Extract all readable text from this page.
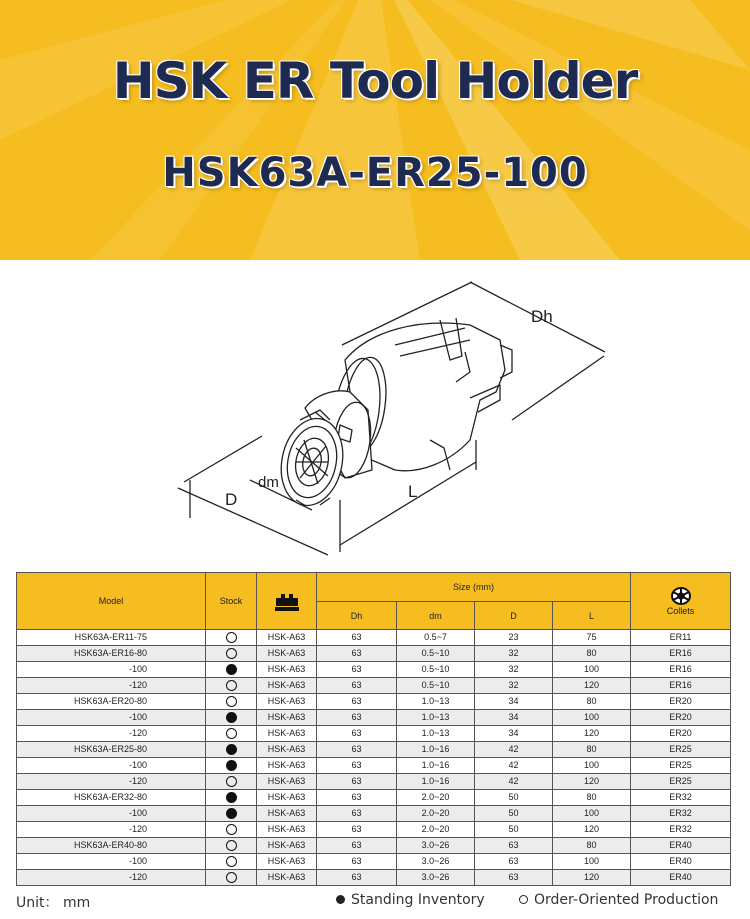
HSK ER Tool Holder
HSK63A-ER25-100
Dh
dm
D	L
Model	Stock		Size (mm)				Collets
			Dh	dm	D	L	
HSK63A-ER11-75		HSK-A63	63	0.5~7	23	75	ER11
HSK63A-ER16-80		HSK-A63	63	0.5~10	32	80	ER16
-100		HSK-A63	63	0.5~10	32	100	ER16
-120		HSK-A63	63	0.5~10	32	120	ER16
HSK63A-ER20-80		HSK-A63	63	1.0~13	34	80	ER20
-100		HSK-A63	63	1.0~13	34	100	ER20
-120		HSK-A63	63	1.0~13	34	120	ER20
HSK63A-ER25-80		HSK-A63	63	1.0~16	42	80	ER25
-100		HSK-A63	63	1.0~16	42	100	ER25
-120		HSK-A63	63	1.0~16	42	120	ER25
HSK63A-ER32-80		HSK-A63	63	2.0~20	50	80	ER32
-100		HSK-A63	63	2.0~20	50	100	ER32
-120		HSK-A63	63	2.0~20	50	120	ER32
HSK63A-ER40-80		HSK-A63	63	3.0~26	63	80	ER40
-100		HSK-A63	63	3.0~26	63	100	ER40
-120		HSK-A63	63	3.0~26	63	120	ER40
Unit： mm	Standing Inventory	Order-Oriented Production
